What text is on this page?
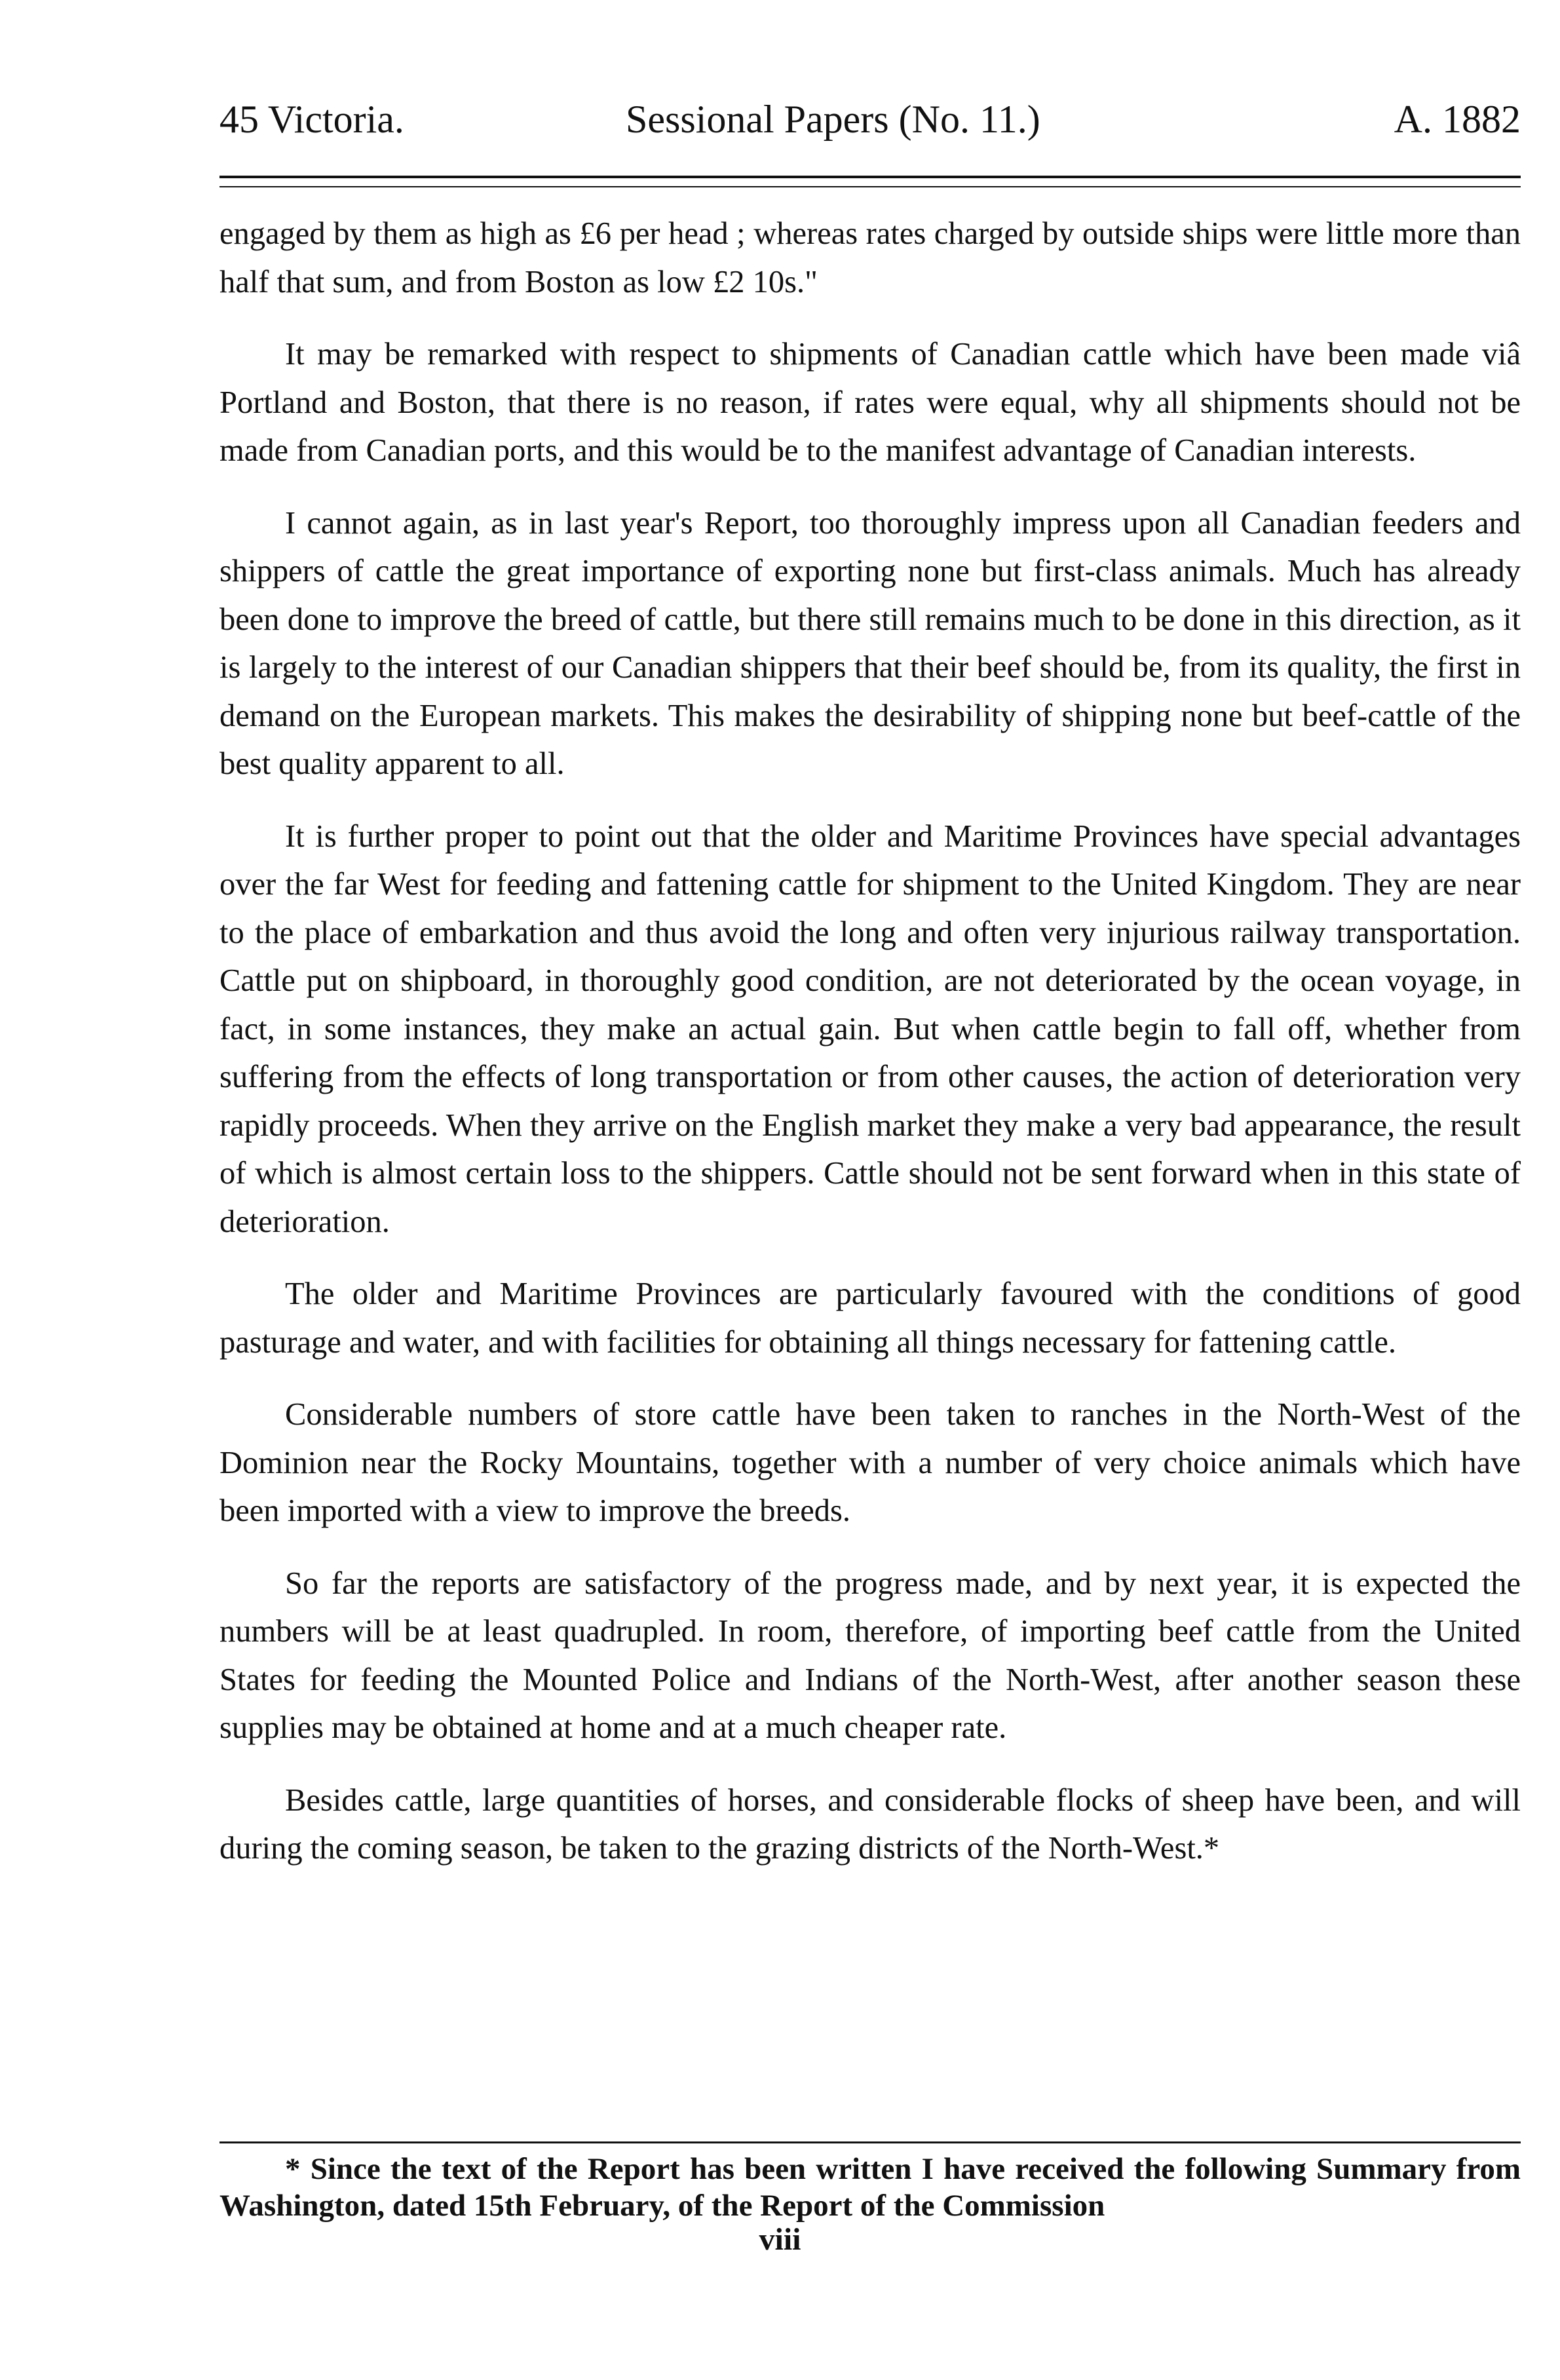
45 Victoria.	Sessional Papers (No. 11.)	A. 1882

engaged by them as high as £6 per head ; whereas rates charged by outside ships were little more than half that sum, and from Boston as low £2 10s."

It may be remarked with respect to shipments of Canadian cattle which have been made viâ Portland and Boston, that there is no reason, if rates were equal, why all shipments should not be made from Canadian ports, and this would be to the manifest advantage of Canadian interests.

I cannot again, as in last year's Report, too thoroughly impress upon all Canadian feeders and shippers of cattle the great importance of exporting none but first-class animals. Much has already been done to improve the breed of cattle, but there still remains much to be done in this direction, as it is largely to the interest of our Canadian shippers that their beef should be, from its quality, the first in demand on the European markets. This makes the desirability of shipping none but beef-cattle of the best quality apparent to all.

It is further proper to point out that the older and Maritime Provinces have special advantages over the far West for feeding and fattening cattle for shipment to the United Kingdom. They are near to the place of embarkation and thus avoid the long and often very injurious railway transportation. Cattle put on shipboard, in thoroughly good condition, are not deteriorated by the ocean voyage, in fact, in some instances, they make an actual gain. But when cattle begin to fall off, whether from suffering from the effects of long transportation or from other causes, the action of deterioration very rapidly proceeds. When they arrive on the English market they make a very bad appearance, the result of which is almost certain loss to the shippers. Cattle should not be sent forward when in this state of deterioration.

The older and Maritime Provinces are particularly favoured with the conditions of good pasturage and water, and with facilities for obtaining all things necessary for fattening cattle.

Considerable numbers of store cattle have been taken to ranches in the North-West of the Dominion near the Rocky Mountains, together with a number of very choice animals which have been imported with a view to improve the breeds.

So far the reports are satisfactory of the progress made, and by next year, it is expected the numbers will be at least quadrupled. In room, therefore, of importing beef cattle from the United States for feeding the Mounted Police and Indians of the North-West, after another season these supplies may be obtained at home and at a much cheaper rate.

Besides cattle, large quantities of horses, and considerable flocks of sheep have been, and will during the coming season, be taken to the grazing districts of the North-West.*

* Since the text of the Report has been written I have received the following Summary from Washington, dated 15th February, of the Report of the Commission

viii
